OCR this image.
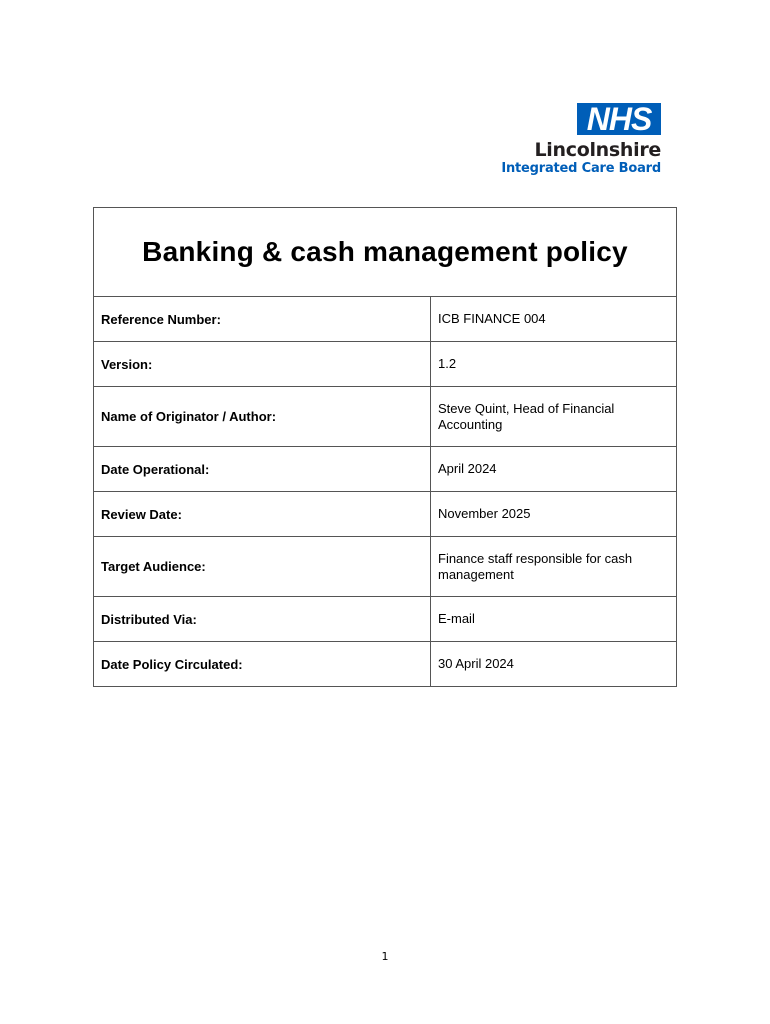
NHS
Lincolnshire
Integrated Care Board
Banking & cash management policy	
Reference Number:	ICB FINANCE 004
Version:	1.2
Name of Originator / Author:	Steve Quint, Head of Financial Accounting
Date Operational:	April 2024
Review Date:	November 2025
Target Audience:	Finance staff responsible for cash management
Distributed Via:	E-mail
Date Policy Circulated:	30 April 2024
1
